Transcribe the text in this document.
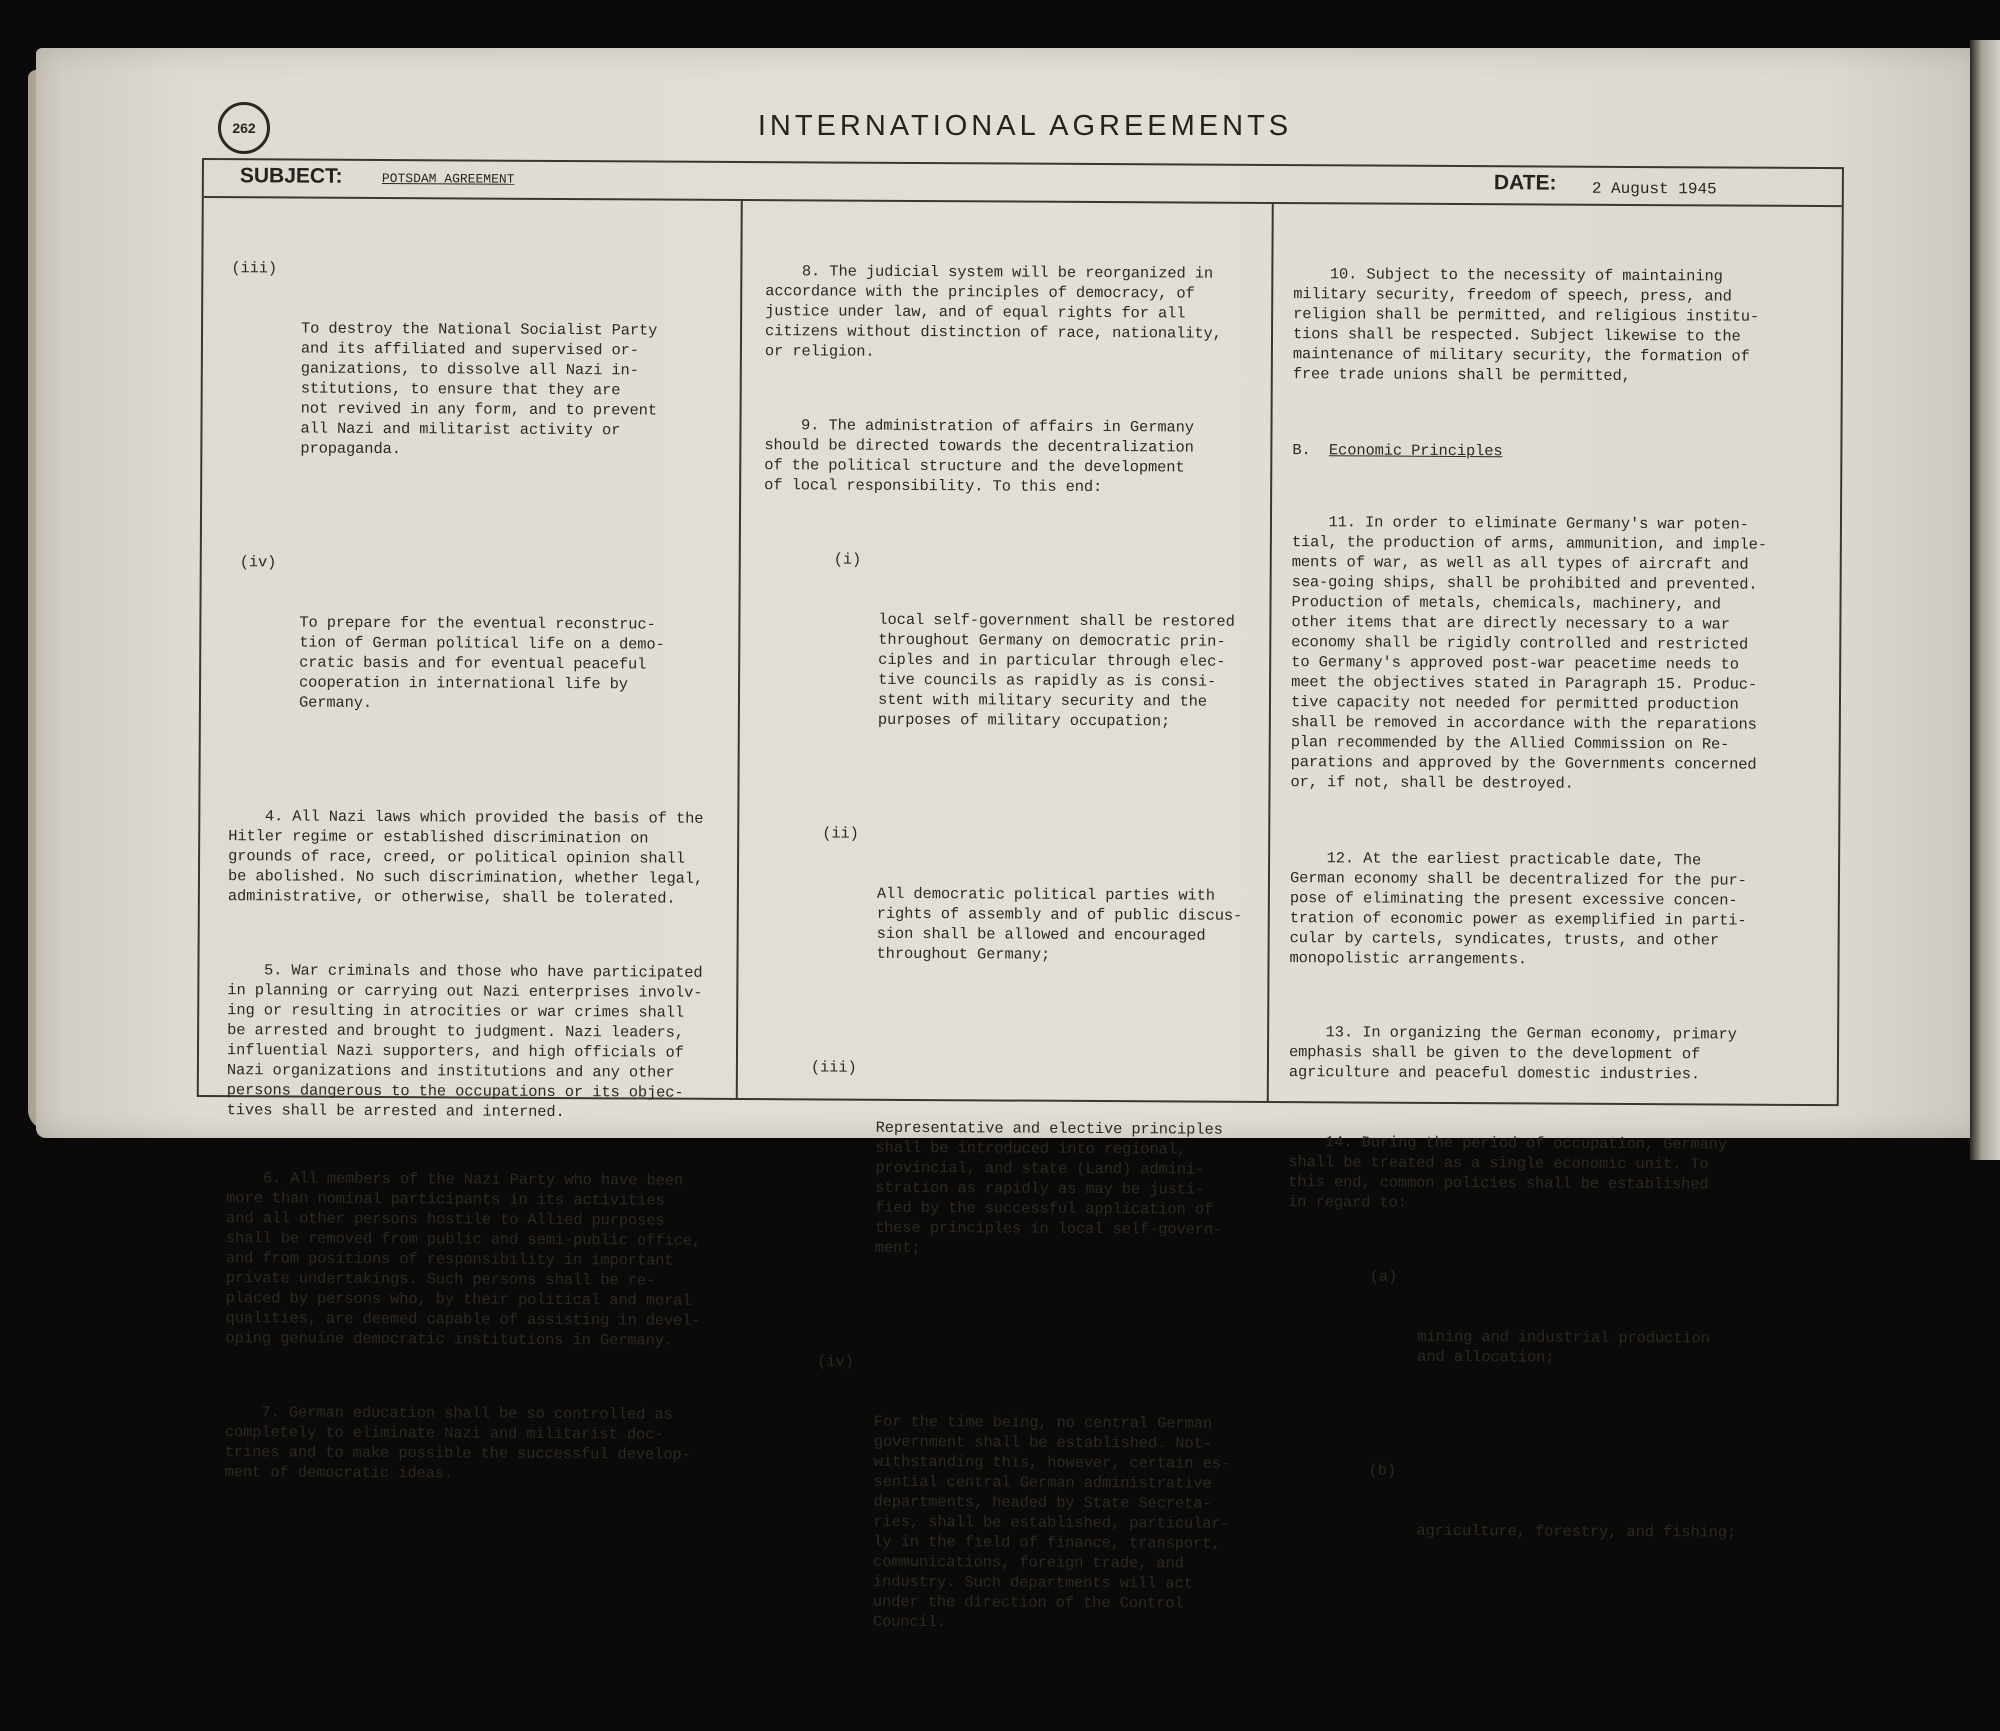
262	INTERNATIONAL AGREEMENTS
SUBJECT:	POTSDAM AGREEMENT	DATE: 2 August 1945

(iii)

To destroy the National Socialist Party
and its affiliated and supervised or-
ganizations, to dissolve all Nazi in-
stitutions, to ensure that they are
not revived in any form, and to prevent
all Nazi and militarist activity or
propaganda.

(iv)

To prepare for the eventual reconstruc-
tion of German political life on a demo-
cratic basis and for eventual peaceful
cooperation in international life by
Germany.

4. All Nazi laws which provided the basis of the
Hitler regime or established discrimination on
grounds of race, creed, or political opinion shall
be abolished. No such discrimination, whether legal,
administrative, or otherwise, shall be tolerated.

5. War criminals and those who have participated
in planning or carrying out Nazi enterprises involv-
ing or resulting in atrocities or war crimes shall
be arrested and brought to judgment. Nazi leaders,
influential Nazi supporters, and high officials of
Nazi organizations and institutions and any other
persons dangerous to the occupations or its objec-
tives shall be arrested and interned.

6. All members of the Nazi Party who have been
more than nominal participants in its activities
and all other persons hostile to Allied purposes
shall be removed from public and semi-public office,
and from positions of responsibility in important
private undertakings. Such persons shall be re-
placed by persons who, by their political and moral
qualities, are deemed capable of assisting in devel-
oping genuine democratic institutions in Germany.

7. German education shall be so controlled as
completely to eliminate Nazi and militarist doc-
trines and to make possible the successful develop-
ment of democratic ideas.

8. The judicial system will be reorganized in
accordance with the principles of democracy, of
justice under law, and of equal rights for all
citizens without distinction of race, nationality,
or religion.

9. The administration of affairs in Germany
should be directed towards the decentralization
of the political structure and the development
of local responsibility. To this end:

(i)

local self-government shall be restored
throughout Germany on democratic prin-
ciples and in particular through elec-
tive councils as rapidly as is consi-
stent with military security and the
purposes of military occupation;

(ii)

All democratic political parties with
rights of assembly and of public discus-
sion shall be allowed and encouraged
throughout Germany;

(iii)

Representative and elective principles
shall be introduced into regional,
provincial, and state (Land) admini-
stration as rapidly as may be justi-
fied by the successful application of
these principles in local self-govern-
ment;

(iv)

For the time being, no central German
government shall be established. Not-
withstanding this, however, certain es-
sential central German administrative
departments, headed by State Secreta-
ries, shall be established, particular-
ly in the field of finance, transport,
communications, foreign trade, and
industry. Such departments will act
under the direction of the Control
Council.

10. Subject to the necessity of maintaining
military security, freedom of speech, press, and
religion shall be permitted, and religious institu-
tions shall be respected. Subject likewise to the
maintenance of military security, the formation of
free trade unions shall be permitted,

B. Economic Principles

11. In order to eliminate Germany's war poten-
tial, the production of arms, ammunition, and imple-
ments of war, as well as all types of aircraft and
sea-going ships, shall be prohibited and prevented.
Production of metals, chemicals, machinery, and
other items that are directly necessary to a war
economy shall be rigidly controlled and restricted
to Germany's approved post-war peacetime needs to
meet the objectives stated in Paragraph 15. Produc-
tive capacity not needed for permitted production
shall be removed in accordance with the reparations
plan recommended by the Allied Commission on Re-
parations and approved by the Governments concerned
or, if not, shall be destroyed.

12. At the earliest practicable date, The
German economy shall be decentralized for the pur-
pose of eliminating the present excessive concen-
tration of economic power as exemplified in parti-
cular by cartels, syndicates, trusts, and other
monopolistic arrangements.

13. In organizing the German economy, primary
emphasis shall be given to the development of
agriculture and peaceful domestic industries.

14. During the period of occupation, Germany
shall be treated as a single economic unit. To
this end, common policies shall be established
in regard to:

(a)

mining and industrial production
and allocation;

(b)

agriculture, forestry, and fishing;
